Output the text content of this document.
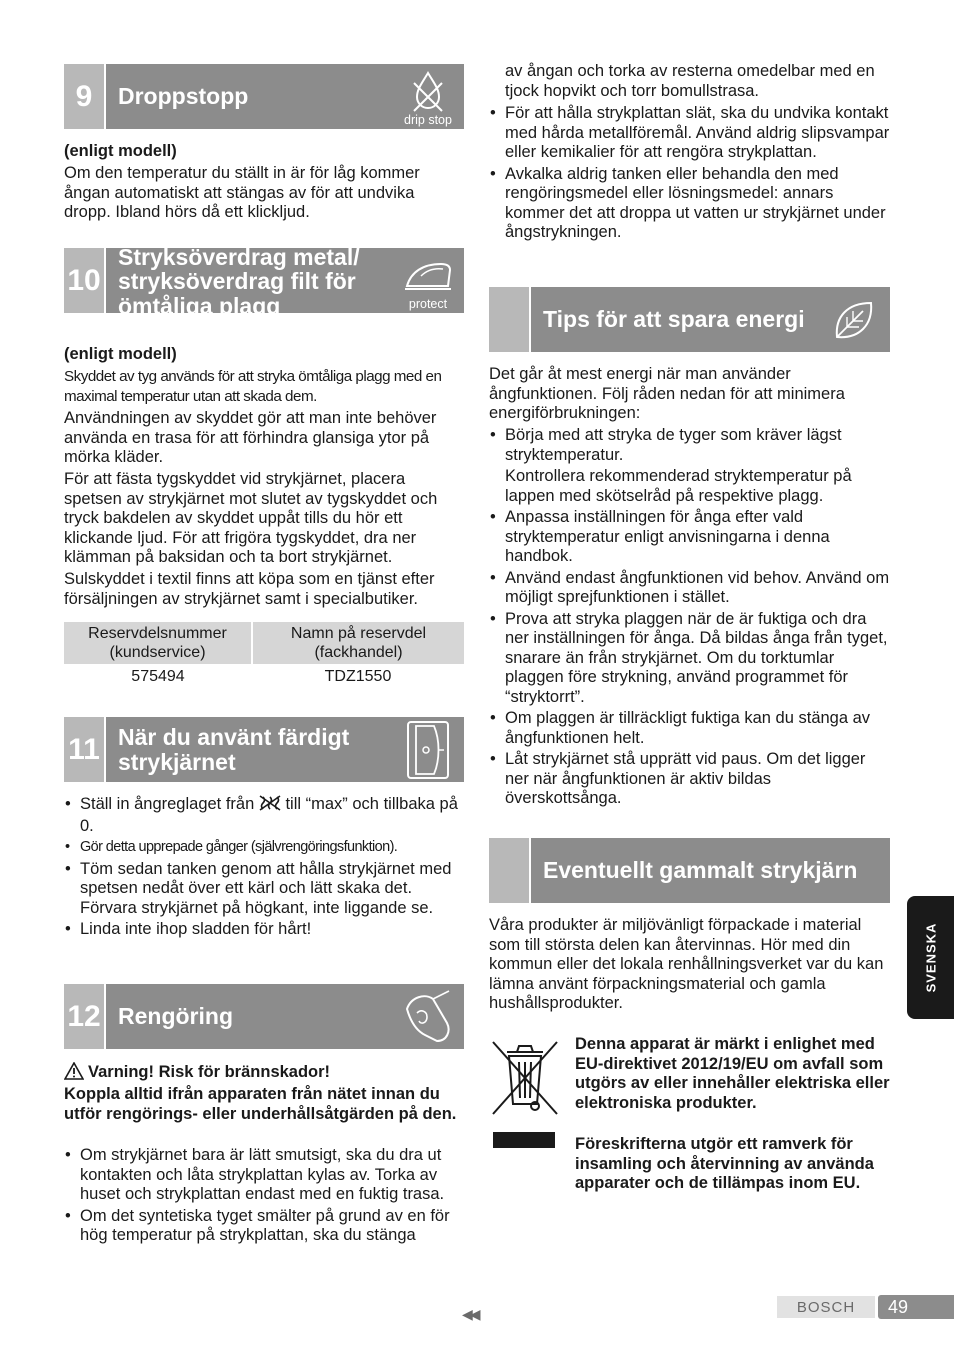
9	Droppstopp
drip stop
(enligt modell)
Om den temperatur du ställt in är för låg kommer ångan automatiskt att stängas av för att undvika dropp. Ibland hörs då ett klickljud.
10
Stryksöverdrag metal/ stryksöverdrag filt för ömtåliga plagg	protect
(enligt modell)
Skyddet av tyg används för att stryka ömtåliga plagg med en maximal temperatur utan att skada dem.
Användningen av skyddet gör att man inte behöver använda en trasa för att förhindra glansiga ytor på mörka kläder.
För att fästa tygskyddet vid strykjärnet, placera spetsen av strykjärnet mot slutet av tygskyddet och tryck bakdelen av skyddet uppåt tills du hör ett klickande ljud. För att frigöra tygskyddet, dra ner klämman på baksidan och ta bort strykjärnet.
Sulskyddet i textil finns att köpa som en tjänst efter försäljningen av strykjärnet samt i specialbutiker.
Reservdelsnummer (kundservice)	Namn på reservdel (fackhandel)
575494	TDZ1550
11 När du använt färdigt strykjärnet
• Ställ in ångreglaget från till “max” och tillbaka på 0.
• Gör detta upprepade gånger (självrengöringsfunktion).
• Töm sedan tanken genom att hålla strykjärnet med spetsen nedåt över ett kärl och lätt skaka det. Förvara strykjärnet på högkant, inte liggande se.
• Linda inte ihop sladden för hårt!
12 Rengöring
Varning! Risk för brännskador!
Koppla alltid ifrån apparaten från nätet innan du utför rengörings- eller underhållsåtgärden på den.
• Om strykjärnet bara är lätt smutsigt, ska du dra ut kontakten och låta strykplattan kylas av. Torka av huset och strykplattan endast med en fuktig trasa.
• Om det syntetiska tyget smälter på grund av en för hög temperatur på strykplattan, ska du stänga
av ångan och torka av resterna omedelbar med en tjock hopvikt och torr bomullstrasa.
• För att hålla strykplattan slät, ska du undvika kontakt med hårda metallföremål. Använd aldrig slipsvampar eller kemikalier för att rengöra strykplattan.
• Avkalka aldrig tanken eller behandla den med rengöringsmedel eller lösningsmedel: annars kommer det att droppa ut vatten ur strykjärnet under ångstrykningen.
Tips för att spara energi
Det går åt mest energi när man använder ångfunktionen. Följ råden nedan för att minimera energiförbrukningen:
• Börja med att stryka de tyger som kräver lägst stryktemperatur.
Kontrollera rekommenderad stryktemperatur på lappen med skötselråd på respektive plagg.
• Anpassa inställningen för ånga efter vald stryktemperatur enligt anvisningarna i denna handbok.
• Använd endast ångfunktionen vid behov. Använd om möjligt sprejfunktionen i stället.
• Prova att stryka plaggen när de är fuktiga och dra ner inställningen för ånga. Då bildas ånga från tyget, snarare än från strykjärnet. Om du torktumlar plaggen före strykning, använd programmet för “stryktorrt”.
• Om plaggen är tillräckligt fuktiga kan du stänga av ångfunktionen helt.
• Låt strykjärnet stå upprätt vid paus. Om det ligger ner när ångfunktionen är aktiv bildas överskottsånga.
Eventuellt gammalt strykjärn
Våra produkter är miljövänligt förpackade i material som till största delen kan återvinnas. Hör med din kommun eller det lokala renhållningsverket var du kan lämna använt förpackningsmaterial och gamla hushållsprodukter.
Denna apparat är märkt i enlighet med EU-direktivet 2012/19/EU om avfall som utgörs av eller innehåller elektriska eller elektroniska produkter.
Föreskrifterna utgör ett ramverk för insamling och återvinning av använda apparater och de tillämpas inom EU.
SVENSKA
◀◀	BOSCH	49
